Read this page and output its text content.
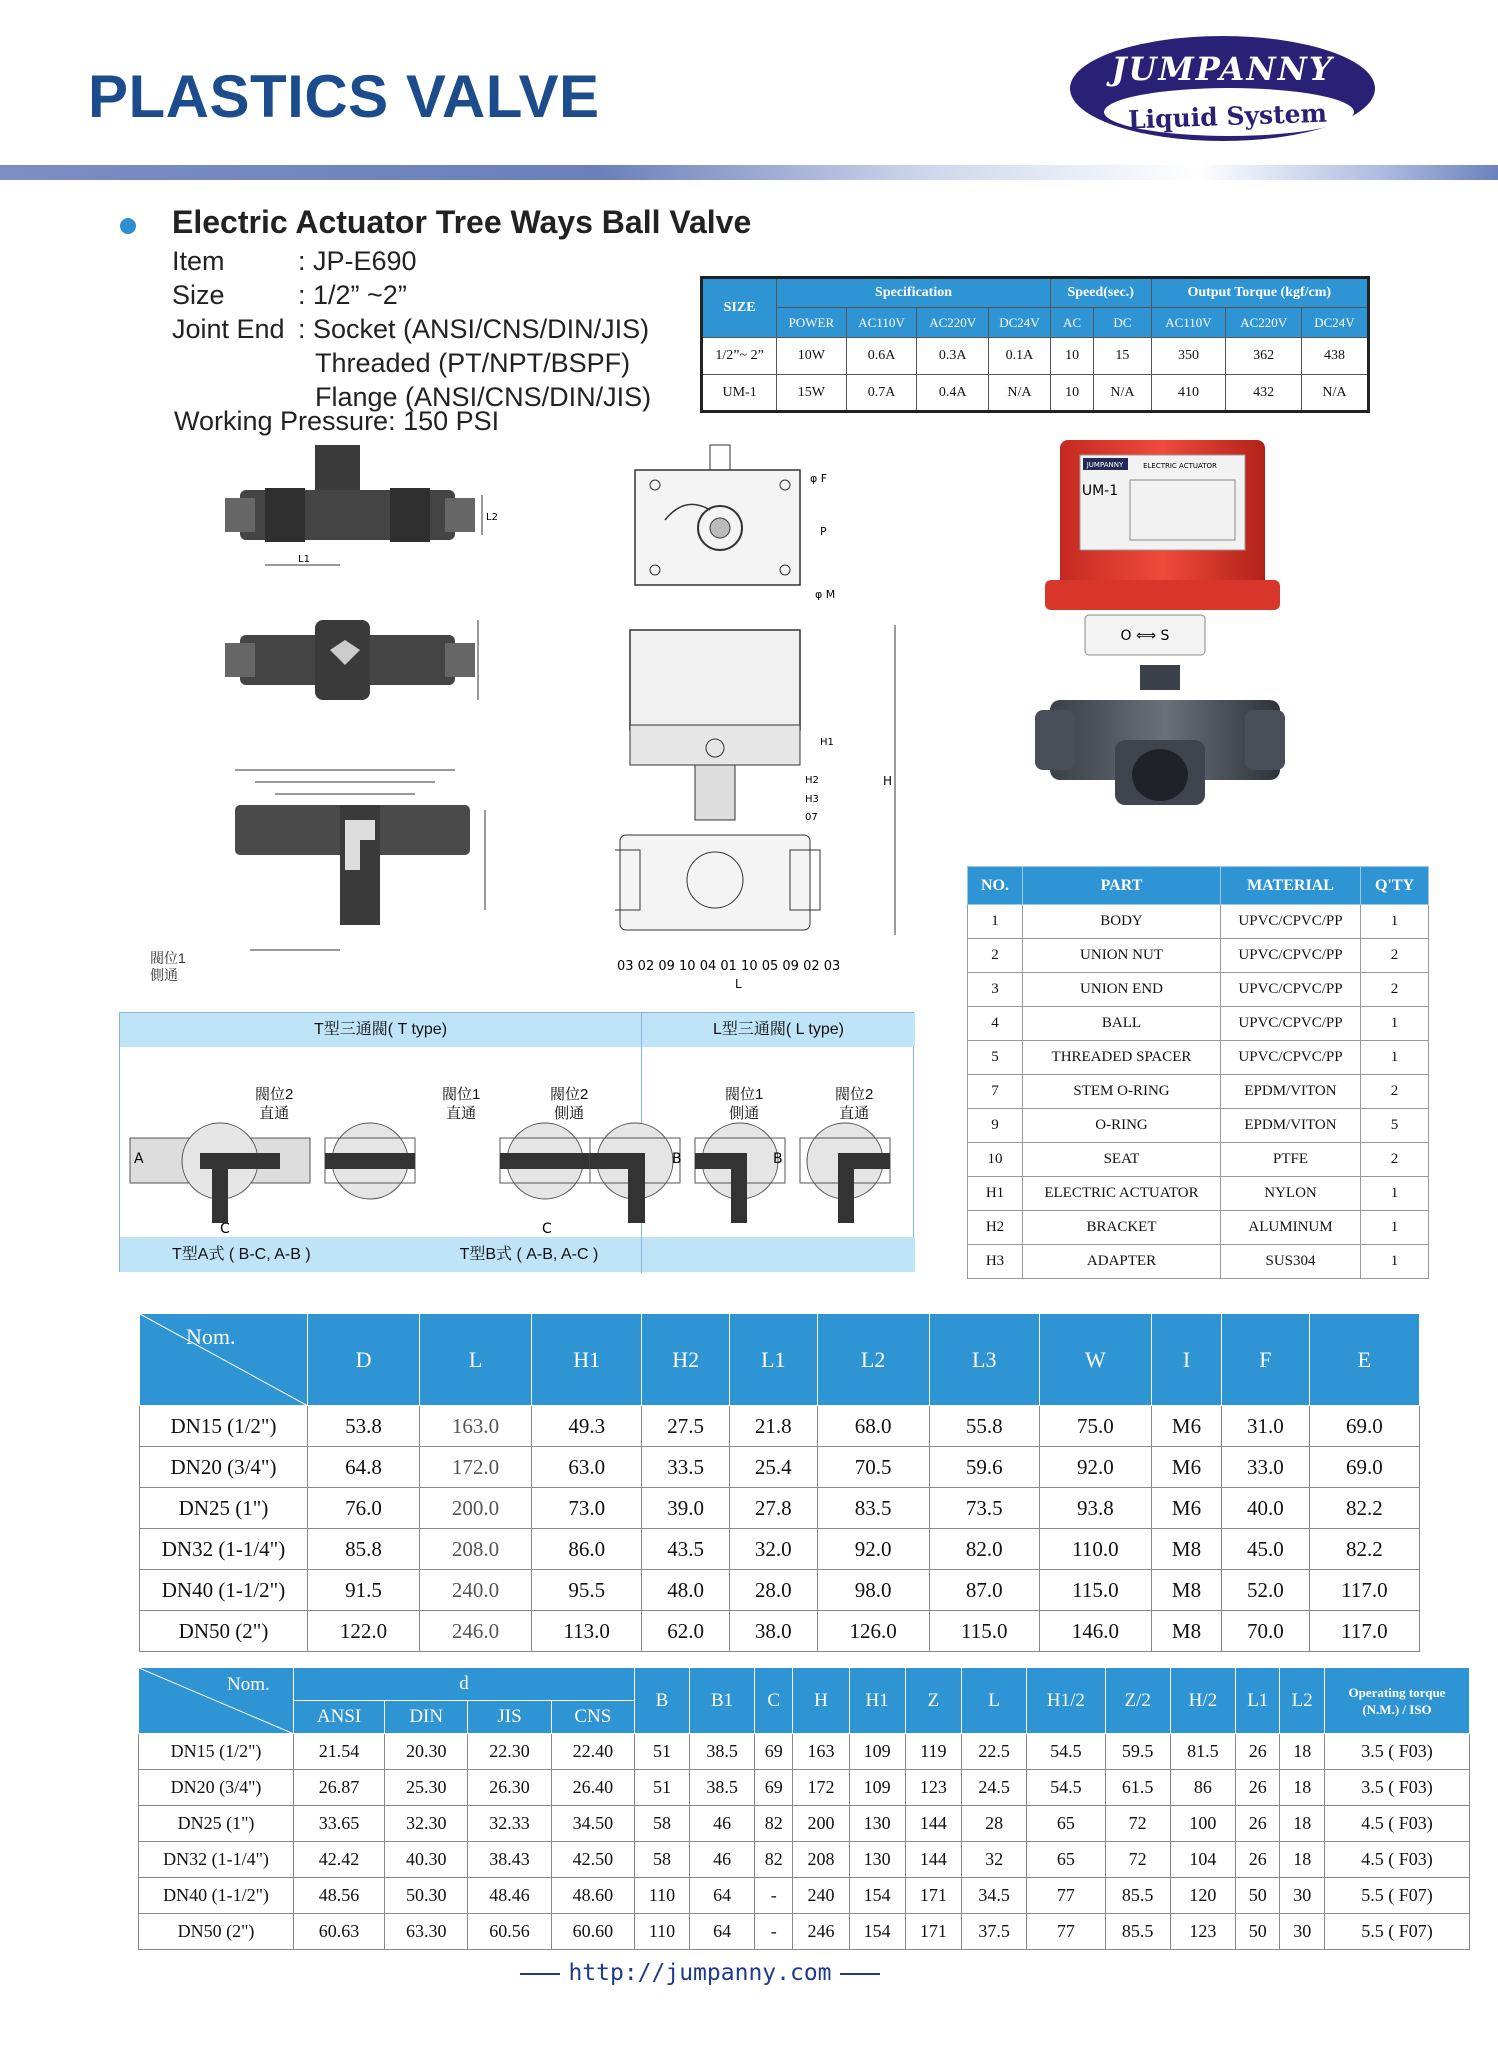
PLASTICS VALVE	JUMPANNY
Liquid System
Electric Actuator Tree Ways Ball Valve
Item	: JP-E690
Size	: 1/2” ~2”
Joint End : Socket (ANSI/CNS/DIN/JIS)
Threaded (PT/NPT/BSPF)
Flange (ANSI/CNS/DIN/JIS)
Working Pressure: 150 PSI
SIZE	Specification				Speed(sec.)		Output Torque (kgf/cm)		
	POWER	AC110V	AC220V	DC24V	AC	DC	AC110V	AC220V	DC24V
1/2”~ 2”	10W	0.6A	0.3A	0.1A	10	15	350	362	438
UM-1	15W	0.7A	0.4A	N/A	10	N/A	410	432	N/A
L1
L2
閥位1
側通
φ F
P
φ M
H
H1
H2
H3
07
03 02 09 10 04 01 10 05 09 02 03
L
JUMPANNY	ELECTRIC ACTUATOR
UM-1
O ⟺ S
NO.	PART	MATERIAL	Q'TY
1	BODY	UPVC/CPVC/PP	1
2	UNION NUT	UPVC/CPVC/PP	2
3	UNION END	UPVC/CPVC/PP	2
4	BALL	UPVC/CPVC/PP	1
5	THREADED SPACER	UPVC/CPVC/PP	1
7	STEM O-RING	EPDM/VITON	2
9	O-RING	EPDM/VITON	5
10	SEAT	PTFE	2
H1	ELECTRIC ACTUATOR	NYLON	1
H2	BRACKET	ALUMINUM	1
H3	ADAPTER	SUS304	1
T型三通閥( T type)	L型三通閥( L type)
閥位2
直通
閥位1
直通
閥位2
側通
閥位1
側通
閥位2
直通
A
C	C
B	B
T型A式 ( B-C, A-B )	T型B式 ( A-B, A-C )
Nom.	D	L	H1	H2	L1	L2	L3	W	I	F	E
DN15 (1/2")	53.8	163.0	49.3	27.5	21.8	68.0	55.8	75.0	M6	31.0	69.0
DN20 (3/4")	64.8	172.0	63.0	33.5	25.4	70.5	59.6	92.0	M6	33.0	69.0
DN25 (1")	76.0	200.0	73.0	39.0	27.8	83.5	73.5	93.8	M6	40.0	82.2
DN32 (1-1/4")	85.8	208.0	86.0	43.5	32.0	92.0	82.0	110.0	M8	45.0	82.2
DN40 (1-1/2")	91.5	240.0	95.5	48.0	28.0	98.0	87.0	115.0	M8	52.0	117.0
DN50 (2")	122.0	246.0	113.0	62.0	38.0	126.0	115.0	146.0	M8	70.0	117.0
Nom.	d				B	B1	C	H	H1	Z	L	H1/2	Z/2	H/2	L1	L2	Operating torque
(N.M.) / ISO

	ANSI	DIN	JIS	CNS													
DN15 (1/2")	21.54	20.30	22.30	22.40	51	38.5	69	163	109	119	22.5	54.5	59.5	81.5	26	18	3.5 ( F03)
DN20 (3/4")	26.87	25.30	26.30	26.40	51	38.5	69	172	109	123	24.5	54.5	61.5	86	26	18	3.5 ( F03)
DN25 (1")	33.65	32.30	32.33	34.50	58	46	82	200	130	144	28	65	72	100	26	18	4.5 ( F03)
DN32 (1-1/4")	42.42	40.30	38.43	42.50	58	46	82	208	130	144	32	65	72	104	26	18	4.5 ( F03)
DN40 (1-1/2")	48.56	50.30	48.46	48.60	110	64	-	240	154	171	34.5	77	85.5	120	50	30	5.5 ( F07)
DN50 (2")	60.63	63.30	60.56	60.60	110	64	-	246	154	171	37.5	77	85.5	123	50	30	5.5 ( F07)
http://jumpanny.com
